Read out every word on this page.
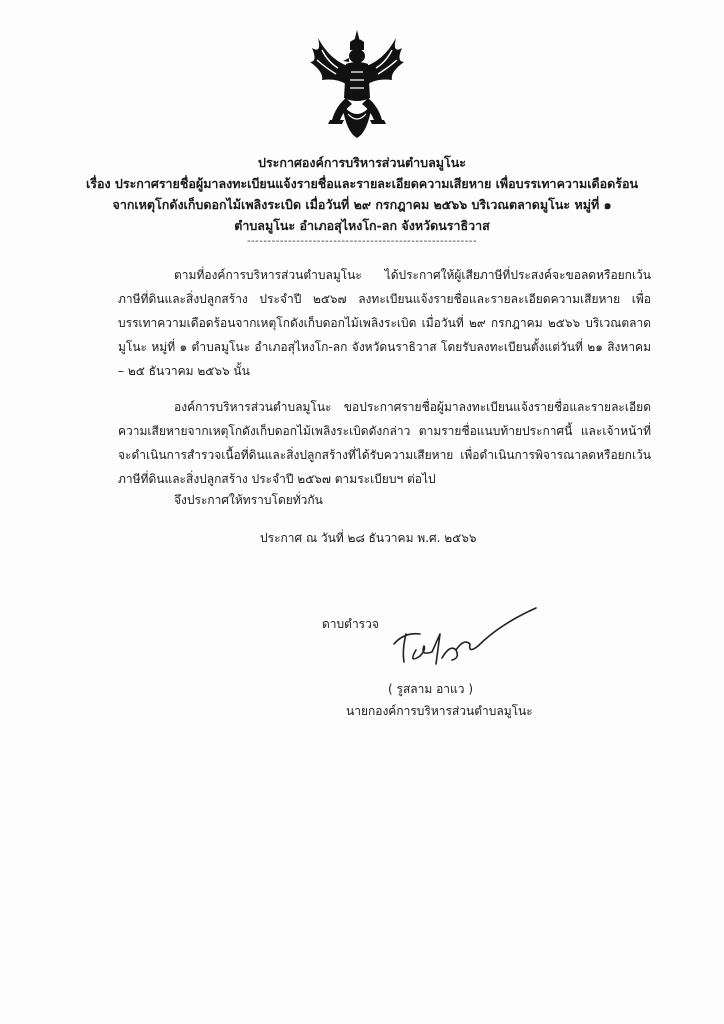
ประกาศองค์การบริหารส่วนตำบลมูโนะ
เรื่อง ประกาศรายชื่อผู้มาลงทะเบียนแจ้งรายชื่อและรายละเอียดความเสียหาย เพื่อบรรเทาความเดือดร้อน
จากเหตุโกดังเก็บดอกไม้เพลิงระเบิด เมื่อวันที่ ๒๙ กรกฎาคม ๒๕๖๖ บริเวณตลาดมูโนะ หมู่ที่ ๑
ตำบลมูโนะ อำเภอสุไหงโก-ลก จังหวัดนราธิวาส
--------------------------------------------------------

ตามที่องค์การบริหารส่วนตำบลมูโนะ ได้ประกาศให้ผู้เสียภาษีที่ประสงค์จะขอลดหรือยกเว้นภาษีที่ดินและสิ่งปลูกสร้าง ประจำปี ๒๕๖๗ ลงทะเบียนแจ้งรายชื่อและรายละเอียดความเสียหาย เพื่อบรรเทาความเดือดร้อนจากเหตุโกดังเก็บดอกไม้เพลิงระเบิด เมื่อวันที่ ๒๙ กรกฎาคม ๒๕๖๖ บริเวณตลาดมูโนะ หมู่ที่ ๑ ตำบลมูโนะ อำเภอสุไหงโก-ลก จังหวัดนราธิวาส โดยรับลงทะเบียนตั้งแต่วันที่ ๒๑ สิงหาคม – ๒๕ ธันวาคม ๒๕๖๖ นั้น

องค์การบริหารส่วนตำบลมูโนะ ขอประกาศรายชื่อผู้มาลงทะเบียนแจ้งรายชื่อและรายละเอียดความเสียหายจากเหตุโกดังเก็บดอกไม้เพลิงระเบิดดังกล่าว ตามรายชื่อแนบท้ายประกาศนี้ และเจ้าหน้าที่จะดำเนินการสำรวจเนื้อที่ดินและสิ่งปลูกสร้างที่ได้รับความเสียหาย เพื่อดำเนินการพิจารณาลดหรือยกเว้นภาษีที่ดินและสิ่งปลูกสร้าง ประจำปี ๒๕๖๗ ตามระเบียบฯ ต่อไป

จึงประกาศให้ทราบโดยทั่วกัน

ประกาศ ณ วันที่ ๒๘ ธันวาคม พ.ศ. ๒๕๖๖
ดาบตำรวจ
( รูสลาม อาแว )
นายกองค์การบริหารส่วนตำบลมูโนะ
